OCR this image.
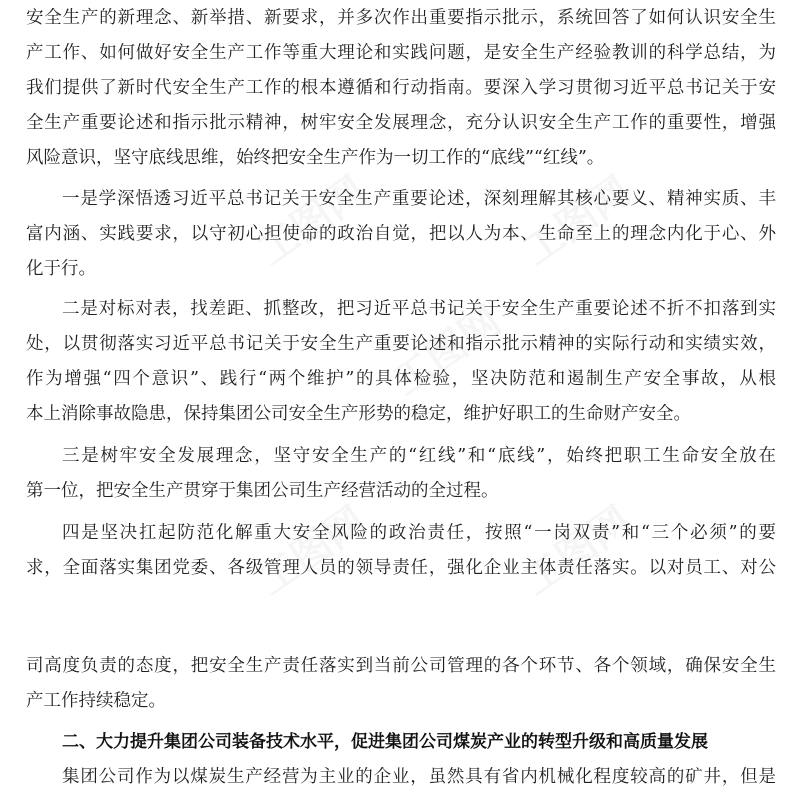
安全生产的新理念、新举措、新要求，并多次作出重要指示批示，系统回答了如何认识安全生
产工作、如何做好安全生产工作等重大理论和实践问题，是安全生产经验教训的科学总结，为
我们提供了新时代安全生产工作的根本遵循和行动指南。要深入学习贯彻习近平总书记关于安
全生产重要论述和指示批示精神，树牢安全发展理念，充分认识安全生产工作的重要性，增强
风险意识，坚守底线思维，始终把安全生产作为一切工作的“底线”“红线”。
一是学深悟透习近平总书记关于安全生产重要论述，深刻理解其核心要义、精神实质、丰
富内涵、实践要求，以守初心担使命的政治自觉，把以人为本、生命至上的理念内化于心、外
化于行。
二是对标对表，找差距、抓整改，把习近平总书记关于安全生产重要论述不折不扣落到实
处，以贯彻落实习近平总书记关于安全生产重要论述和指示批示精神的实际行动和实绩实效，
作为增强“四个意识”、践行“两个维护”的具体检验，坚决防范和遏制生产安全事故，从根
本上消除事故隐患，保持集团公司安全生产形势的稳定，维护好职工的生命财产安全。
三是树牢安全发展理念，坚守安全生产的“红线”和“底线”，始终把职工生命安全放在
第一位，把安全生产贯穿于集团公司生产经营活动的全过程。
四是坚决扛起防范化解重大安全风险的政治责任，按照“一岗双责”和“三个必须”的要
求，全面落实集团党委、各级管理人员的领导责任，强化企业主体责任落实。以对员工、对公
司高度负责的态度，把安全生产责任落实到当前公司管理的各个环节、各个领域，确保安全生
产工作持续稳定。
二、大力提升集团公司装备技术水平，促进集团公司煤炭产业的转型升级和高质量发展
集团公司作为以煤炭生产经营为主业的企业，虽然具有省内机械化程度较高的矿井，但是
工图网	工图网
工图网
工图网	工图网
